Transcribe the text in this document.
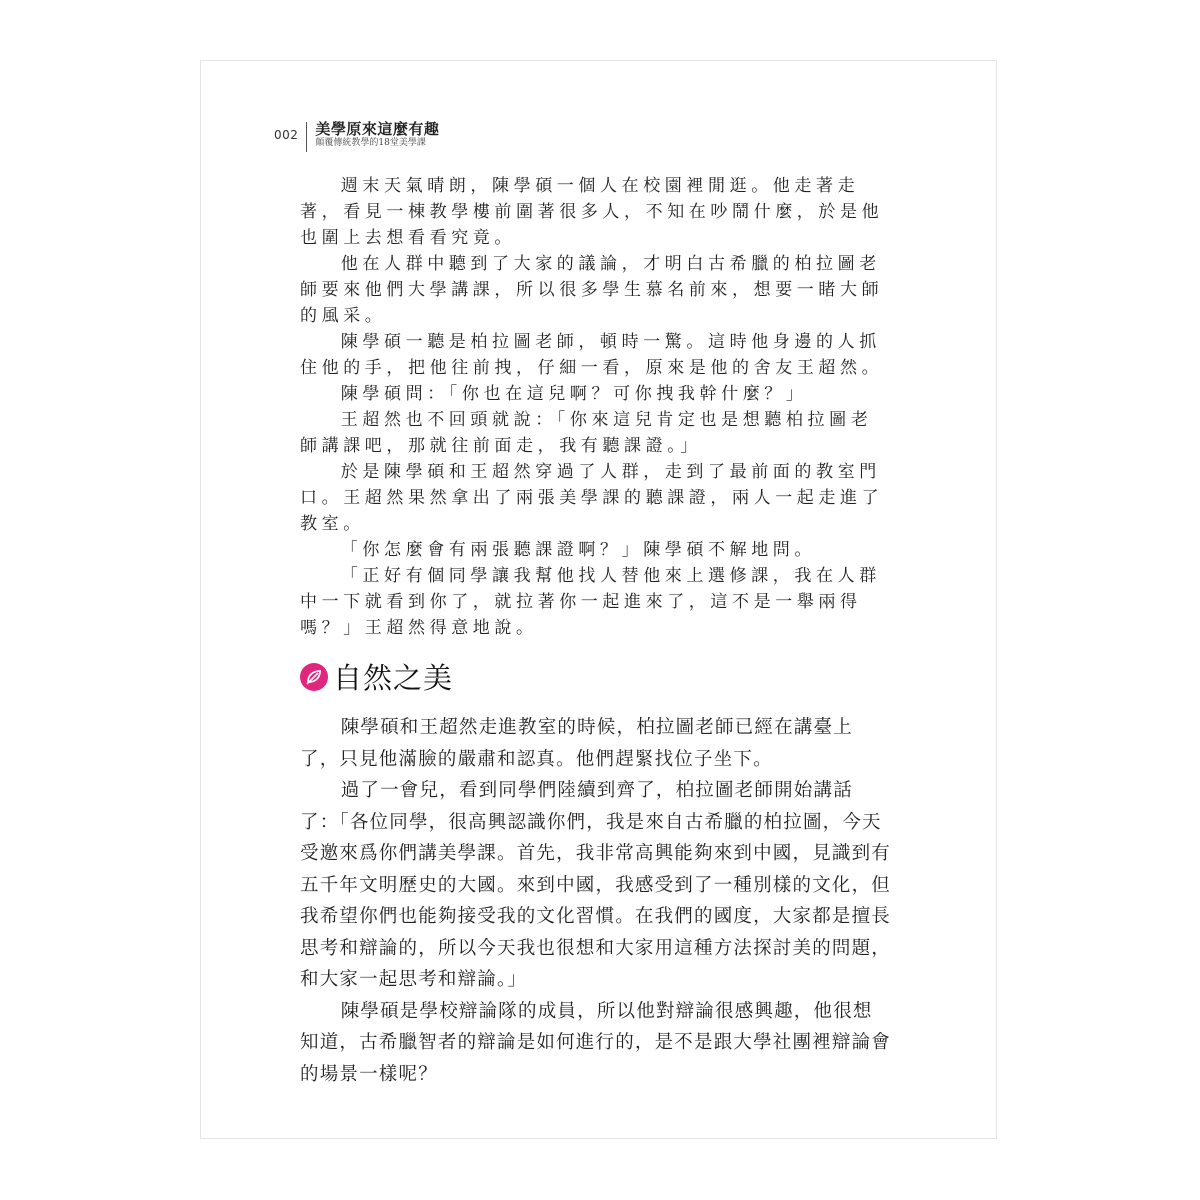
002 美學原來這麼有趣
顛覆傳統教學的18堂美學課

週末天氣晴朗，陳學碩一個人在校園裡閒逛。他走著走著，看見一棟教學樓前圍著很多人，不知在吵鬧什麼，於是他也圍上去想看看究竟。

他在人群中聽到了大家的議論，才明白古希臘的柏拉圖老師要來他們大學講課，所以很多學生慕名前來，想要一睹大師的風采。

陳學碩一聽是柏拉圖老師，頓時一驚。這時他身邊的人抓住他的手，把他往前拽，仔細一看，原來是他的舍友王超然。

陳學碩問：「你也在這兒啊？可你拽我幹什麼？」

王超然也不回頭就說：「你來這兒肯定也是想聽柏拉圖老師講課吧，那就往前面走，我有聽課證。」

於是陳學碩和王超然穿過了人群，走到了最前面的教室門口。王超然果然拿出了兩張美學課的聽課證，兩人一起走進了教室。

「你怎麼會有兩張聽課證啊？」陳學碩不解地問。

「正好有個同學讓我幫他找人替他來上選修課，我在人群中一下就看到你了，就拉著你一起進來了，這不是一舉兩得嗎？」王超然得意地說。

自然之美

陳學碩和王超然走進教室的時候，柏拉圖老師已經在講臺上了，只見他滿臉的嚴肅和認真。他們趕緊找位子坐下。

過了一會兒，看到同學們陸續到齊了，柏拉圖老師開始講話了：「各位同學，很高興認識你們，我是來自古希臘的柏拉圖，今天受邀來爲你們講美學課。首先，我非常高興能夠來到中國，見識到有五千年文明歷史的大國。來到中國，我感受到了一種別樣的文化，但我希望你們也能夠接受我的文化習慣。在我們的國度，大家都是擅長思考和辯論的，所以今天我也很想和大家用這種方法探討美的問題，和大家一起思考和辯論。」

陳學碩是學校辯論隊的成員，所以他對辯論很感興趣，他很想知道，古希臘智者的辯論是如何進行的，是不是跟大學社團裡辯論會的場景一樣呢？
